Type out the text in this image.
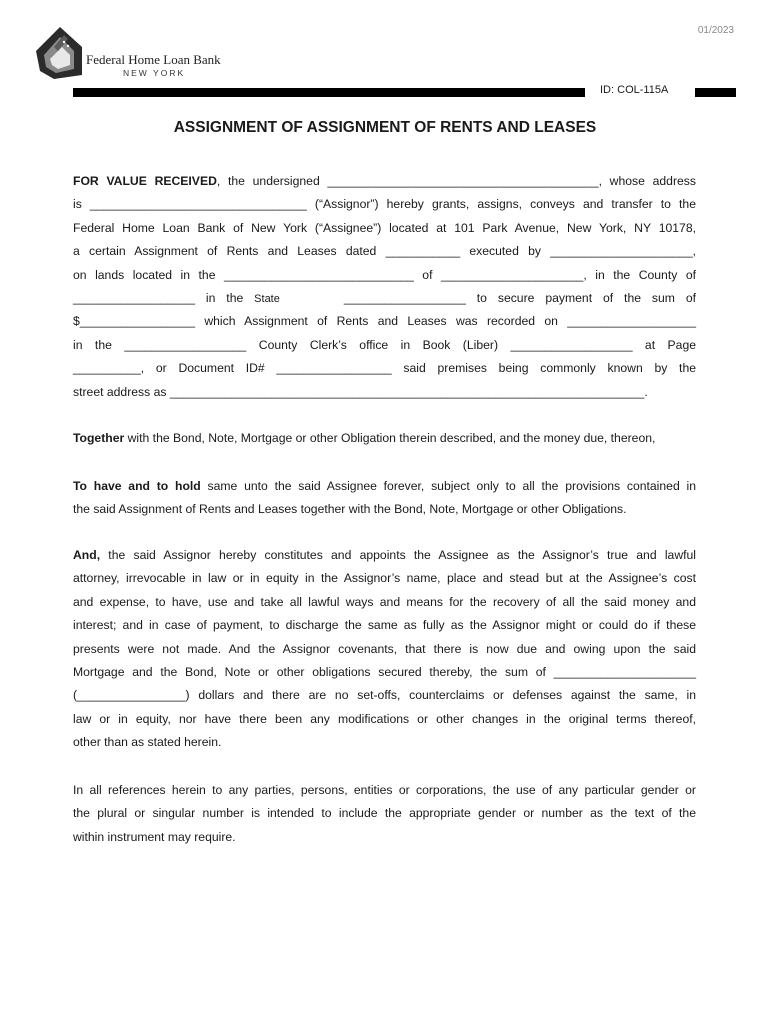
01/2023
Federal Home Loan Bank
NEW YORK
ID: COL-115A
ASSIGNMENT OF ASSIGNMENT OF RENTS AND LEASES

FOR VALUE RECEIVED, the undersigned ________________________________________, whose address

is ________________________________ (“Assignor”) hereby grants, assigns, conveys and transfer to the

Federal Home Loan Bank of New York (“Assignee”) located at 101 Park Avenue, New York, NY 10178,

a certain Assignment of Rents and Leases dated ___________ executed by _____________________,

on lands located in the ____________________________ of _____________________, in the County of

__________________ in the State	__________________ to secure payment of the sum of

$_________________ which Assignment of Rents and Leases was recorded on ___________________

in the __________________ County Clerk’s office in Book (Liber) __________________ at Page

__________, or Document ID# _________________ said premises being commonly known by the

street address as ______________________________________________________________________.

Together with the Bond, Note, Mortgage or other Obligation therein described, and the money due, thereon,

To have and to hold same unto the said Assignee forever, subject only to all the provisions contained in

the said Assignment of Rents and Leases together with the Bond, Note, Mortgage or other Obligations.

And, the said Assignor hereby constitutes and appoints the Assignee as the Assignor’s true and lawful

attorney, irrevocable in law or in equity in the Assignor’s name, place and stead but at the Assignee’s cost

and expense, to have, use and take all lawful ways and means for the recovery of all the said money and

interest; and in case of payment, to discharge the same as fully as the Assignor might or could do if these

presents were not made. And the Assignor covenants, that there is now due and owing upon the said

Mortgage and the Bond, Note or other obligations secured thereby, the sum of _____________________

(________________) dollars and there are no set-offs, counterclaims or defenses against the same, in

law or in equity, nor have there been any modifications or other changes in the original terms thereof,

other than as stated herein.

In all references herein to any parties, persons, entities or corporations, the use of any particular gender or

the plural or singular number is intended to include the appropriate gender or number as the text of the

within instrument may require.
